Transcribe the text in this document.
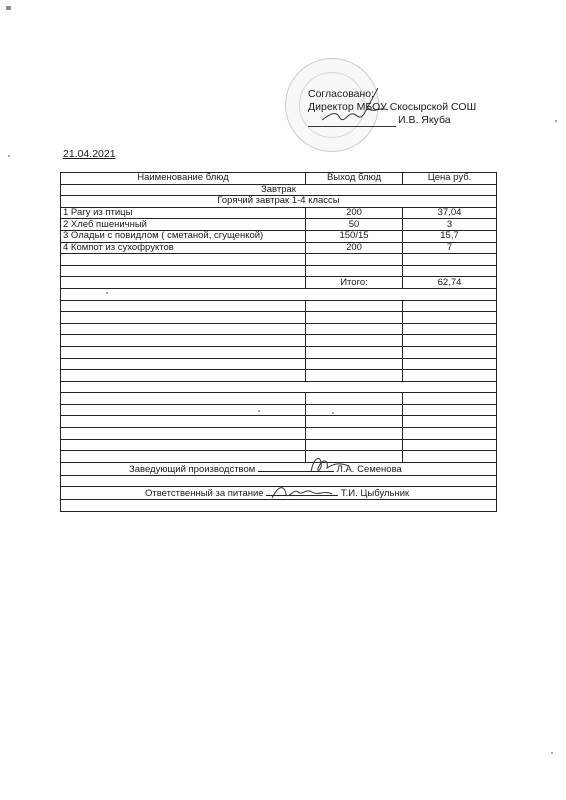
Согласовано:
Директор МБОУ Скосырской СОШ
И.В. Якуба
21.04.2021
Наименование блюд	Выход блюд	Цена руб.
Завтрак		
Горячий завтрак 1-4 классы		
1 Рагу из птицы	200	37,04
2 Хлеб пшеничный	50	3
3 Оладьи с повидлом ( сметаной, сгущенкой)	150/15	15,7
4 Компот из сухофруктов	200	7

	Итого:	62,74

Заведующий производством Л.А. Семенова		

Ответственный за питание Т.И. Цыбульник		
